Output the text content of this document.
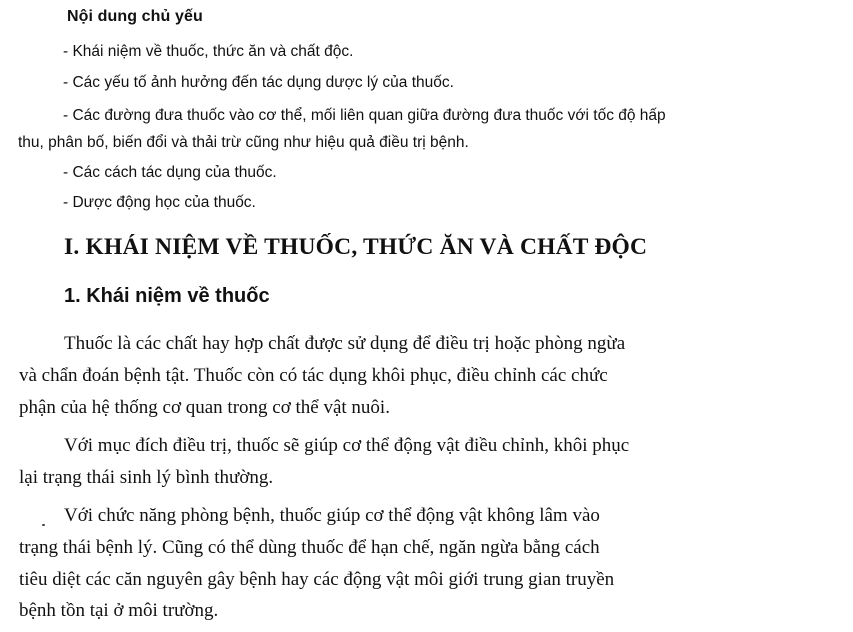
Nội dung chủ yếu
- Khái niệm về thuốc, thức ăn và chất độc.
- Các yếu tố ảnh hưởng đến tác dụng dược lý của thuốc.
- Các đường đưa thuốc vào cơ thể, mối liên quan giữa đường đưa thuốc với tốc độ hấp
thu, phân bố, biến đổi và thải trừ cũng như hiệu quả điều trị bệnh.
- Các cách tác dụng của thuốc.
- Dược động học của thuốc.
I. KHÁI NIỆM VỀ THUỐC, THỨC ĂN VÀ CHẤT ĐỘC
1. Khái niệm về thuốc
Thuốc là các chất hay hợp chất được sử dụng để điều trị hoặc phòng ngừa
và chẩn đoán bệnh tật. Thuốc còn có tác dụng khôi phục, điều chỉnh các chức
phận của hệ thống cơ quan trong cơ thể vật nuôi.
Với mục đích điều trị, thuốc sẽ giúp cơ thể động vật điều chỉnh, khôi phục
lại trạng thái sinh lý bình thường.
Với chức năng phòng bệnh, thuốc giúp cơ thể động vật không lâm vào
trạng thái bệnh lý. Cũng có thể dùng thuốc để hạn chế, ngăn ngừa bằng cách
tiêu diệt các căn nguyên gây bệnh hay các động vật môi giới trung gian truyền
bệnh tồn tại ở môi trường.
